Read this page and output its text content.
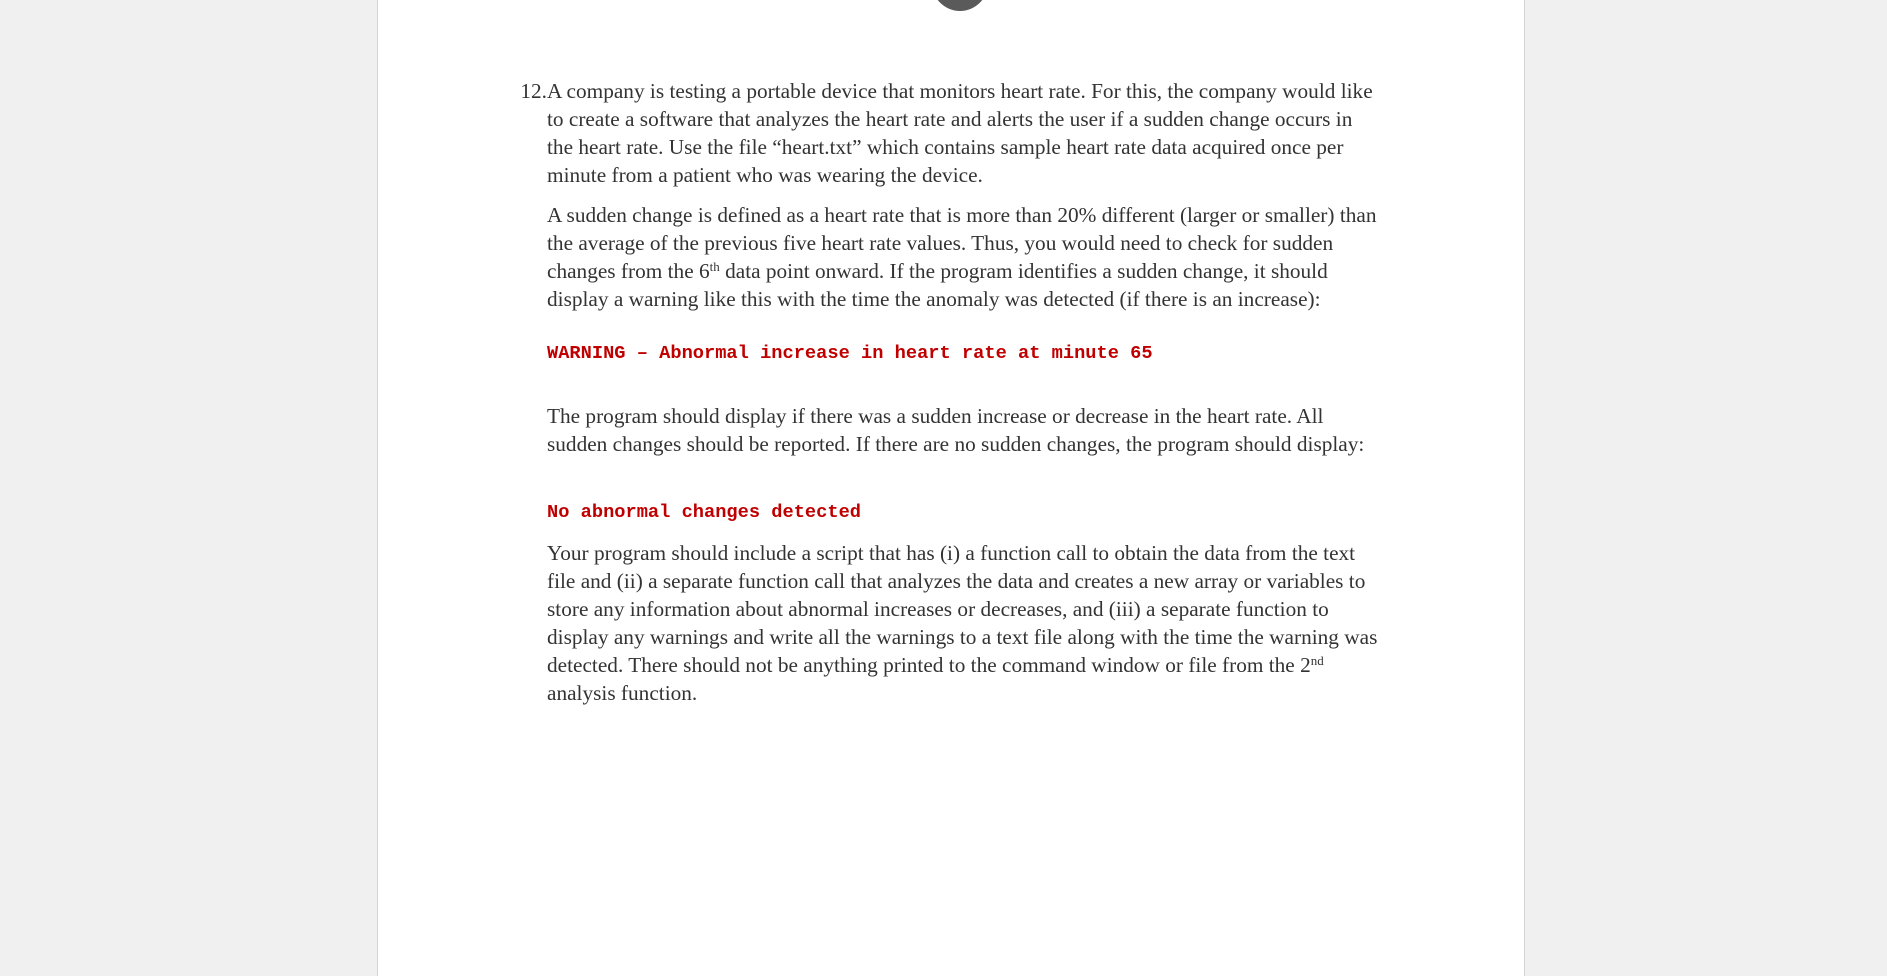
12. A company is testing a portable device that monitors heart rate. For this, the company would like to create a software that analyzes the heart rate and alerts the user if a sudden change occurs in the heart rate. Use the file “heart.txt” which contains sample heart rate data acquired once per minute from a patient who was wearing the device.

A sudden change is defined as a heart rate that is more than 20% different (larger or smaller) than the average of the previous five heart rate values. Thus, you would need to check for sudden changes from the 6th data point onward. If the program identifies a sudden change, it should display a warning like this with the time the anomaly was detected (if there is an increase):

WARNING – Abnormal increase in heart rate at minute 65

The program should display if there was a sudden increase or decrease in the heart rate. All sudden changes should be reported. If there are no sudden changes, the program should display:

No abnormal changes detected

Your program should include a script that has (i) a function call to obtain the data from the text file and (ii) a separate function call that analyzes the data and creates a new array or variables to store any information about abnormal increases or decreases, and (iii) a separate function to display any warnings and write all the warnings to a text file along with the time the warning was detected. There should not be anything printed to the command window or file from the 2nd analysis function.
